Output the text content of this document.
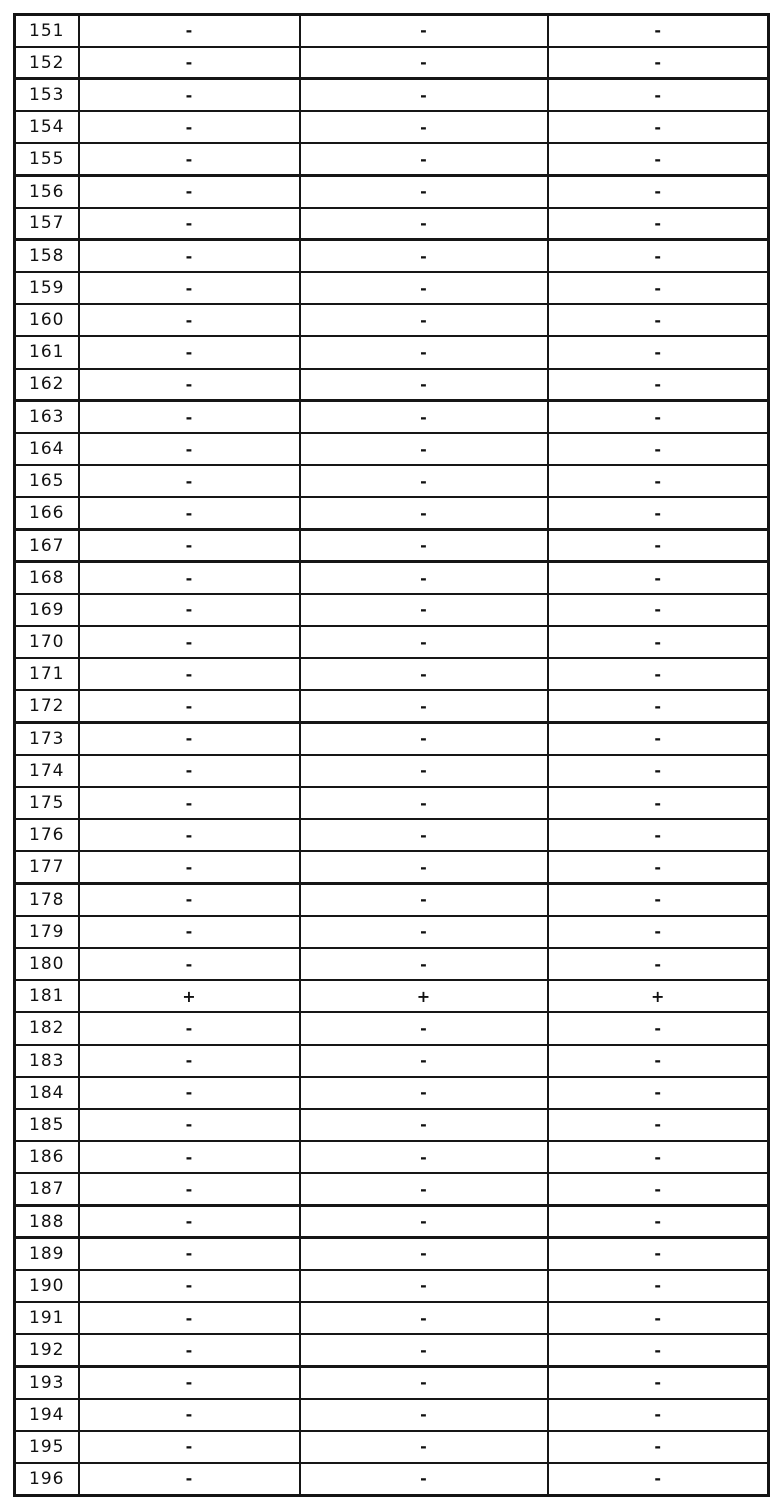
151	-	-	-
152	-	-	-
153	-	-	-
154	-	-	-
155	-	-	-
156	-	-	-
157	-	-	-
158	-	-	-
159	-	-	-
160	-	-	-
161	-	-	-
162	-	-	-
163	-	-	-
164	-	-	-
165	-	-	-
166	-	-	-
167	-	-	-
168	-	-	-
169	-	-	-
170	-	-	-
171	-	-	-
172	-	-	-
173	-	-	-
174	-	-	-
175	-	-	-
176	-	-	-
177	-	-	-
178	-	-	-
179	-	-	-
180	-	-	-
181	+	+	+
182	-	-	-
183	-	-	-
184	-	-	-
185	-	-	-
186	-	-	-
187	-	-	-
188	-	-	-
189	-	-	-
190	-	-	-
191	-	-	-
192	-	-	-
193	-	-	-
194	-	-	-
195	-	-	-
196	-	-	-
